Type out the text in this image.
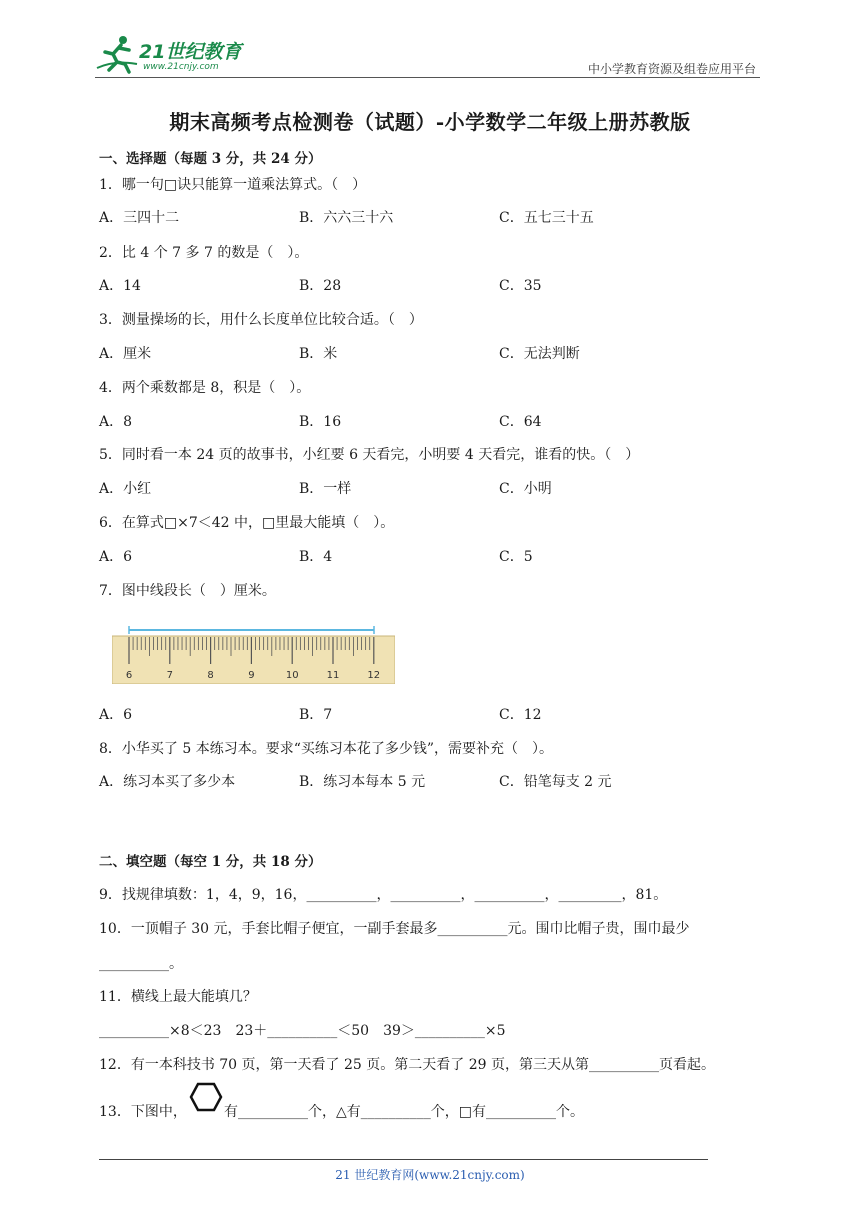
21世纪教育
www.21cnjy.com	中小学教育资源及组卷应用平台
期末高频考点检测卷（试题）-小学数学二年级上册苏教版
一、选择题（每题 3 分，共 24 分）
1．哪一句□诀只能算一道乘法算式。（　）
A．三四十二	B．六六三十六	C．五七三十五
2．比 4 个 7 多 7 的数是（　）。
A．14	B．28	C．35
3．测量操场的长，用什么长度单位比较合适。（　）
A．厘米	B．米	C．无法判断
4．两个乘数都是 8，积是（　）。
A．8	B．16	C．64
5．同时看一本 24 页的故事书，小红要 6 天看完，小明要 4 天看完，谁看的快。（　）
A．小红	B．一样	C．小明
6．在算式□×7＜42 中，□里最大能填（　）。
A．6	B．4	C．5
7．图中线段长（　）厘米。
6	7	8	9	10	11	12
A．6	B．7	C．12
8．小华买了 5 本练习本。要求“买练习本花了多少钱”，需要补充（　）。
A．练习本买了多少本	B．练习本每本 5 元	C．铅笔每支 2 元
二、填空题（每空 1 分，共 18 分）
9．找规律填数：1，4，9，16，__________，__________，__________，_________，81。
10．一顶帽子 30 元，手套比帽子便宜，一副手套最多__________元。围巾比帽子贵，围巾最少
__________。
11．横线上最大能填几？
__________×8＜23　23＋__________＜50　39＞__________×5
12．有一本科技书 70 页，第一天看了 25 页。第二天看了 29 页，第三天从第__________页看起。
13．下图中，	有__________个，△有__________个，□有__________个。
21 世纪教育网(www.21cnjy.com)
